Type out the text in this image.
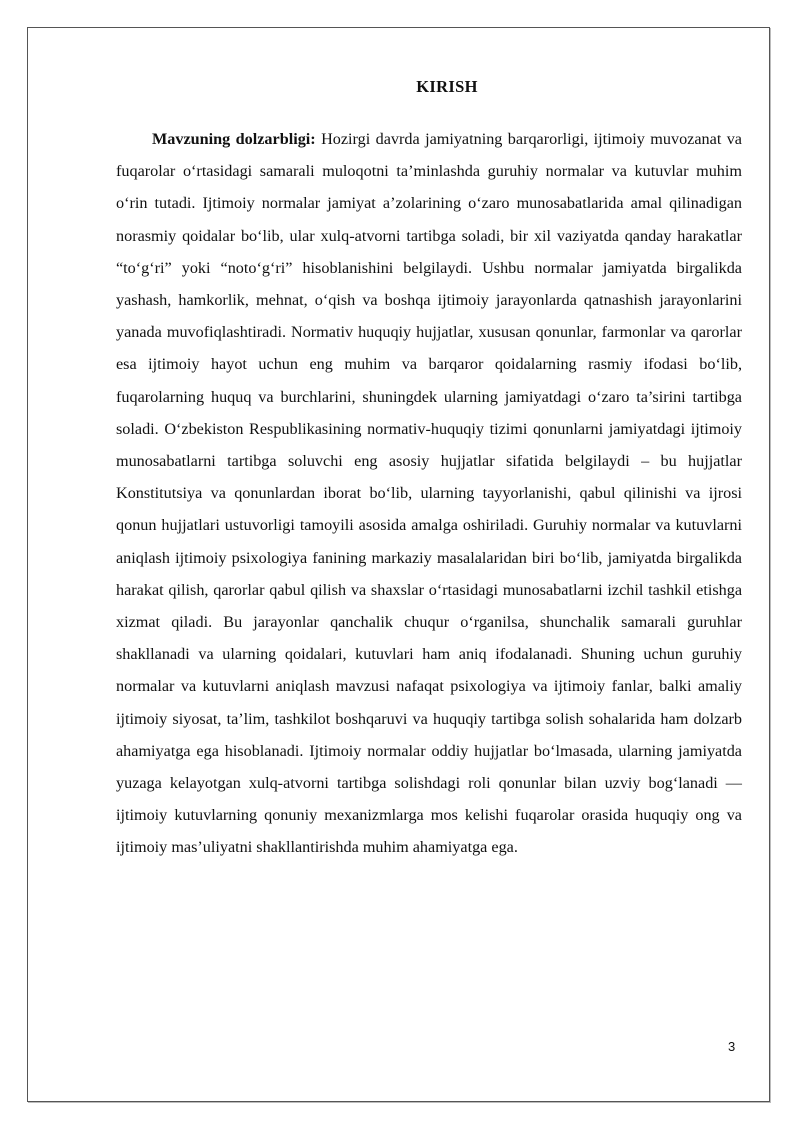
KIRISH

Mavzuning dolzarbligi: Hozirgi davrda jamiyatning barqarorligi, ijtimoiy muvozanat va fuqarolar o‘rtasidagi samarali muloqotni ta’minlashda guruhiy normalar va kutuvlar muhim o‘rin tutadi. Ijtimoiy normalar jamiyat a’zolarining o‘zaro munosabatlarida amal qilinadigan norasmiy qoidalar bo‘lib, ular xulq-atvorni tartibga soladi, bir xil vaziyatda qanday harakatlar “to‘g‘ri” yoki “noto‘g‘ri” hisoblanishini belgilaydi. Ushbu normalar jamiyatda birgalikda yashash, hamkorlik, mehnat, o‘qish va boshqa ijtimoiy jarayonlarda qatnashish jarayonlarini yanada muvofiqlashtiradi. Normativ huquqiy hujjatlar, xususan qonunlar, farmonlar va qarorlar esa ijtimoiy hayot uchun eng muhim va barqaror qoidalarning rasmiy ifodasi bo‘lib, fuqarolarning huquq va burchlarini, shuningdek ularning jamiyatdagi o‘zaro ta’sirini tartibga soladi. O‘zbekiston Respublikasining normativ-huquqiy tizimi qonunlarni jamiyatdagi ijtimoiy munosabatlarni tartibga soluvchi eng asosiy hujjatlar sifatida belgilaydi – bu hujjatlar Konstitutsiya va qonunlardan iborat bo‘lib, ularning tayyorlanishi, qabul qilinishi va ijrosi qonun hujjatlari ustuvorligi tamoyili asosida amalga oshiriladi. Guruhiy normalar va kutuvlarni aniqlash ijtimoiy psixologiya fanining markaziy masalalaridan biri bo‘lib, jamiyatda birgalikda harakat qilish, qarorlar qabul qilish va shaxslar o‘rtasidagi munosabatlarni izchil tashkil etishga xizmat qiladi. Bu jarayonlar qanchalik chuqur o‘rganilsa, shunchalik samarali guruhlar shakllanadi va ularning qoidalari, kutuvlari ham aniq ifodalanadi. Shuning uchun guruhiy normalar va kutuvlarni aniqlash mavzusi nafaqat psixologiya va ijtimoiy fanlar, balki amaliy ijtimoiy siyosat, ta’lim, tashkilot boshqaruvi va huquqiy tartibga solish sohalarida ham dolzarb ahamiyatga ega hisoblanadi. Ijtimoiy normalar oddiy hujjatlar bo‘lmasada, ularning jamiyatda yuzaga kelayotgan xulq-atvorni tartibga solishdagi roli qonunlar bilan uzviy bog‘lanadi — ijtimoiy kutuvlarning qonuniy mexanizmlarga mos kelishi fuqarolar orasida huquqiy ong va ijtimoiy mas’uliyatni shakllantirishda muhim ahamiyatga ega.

3
